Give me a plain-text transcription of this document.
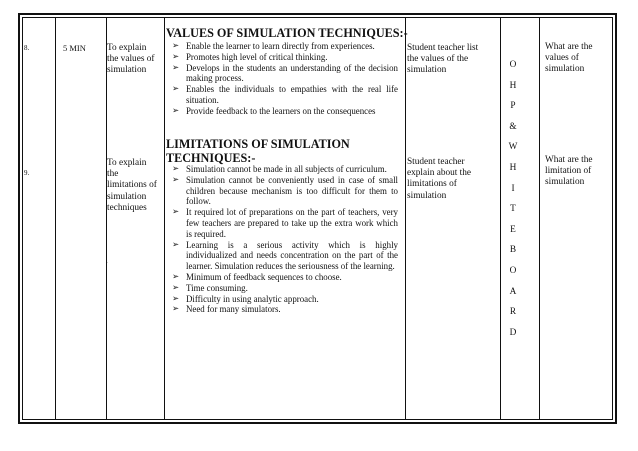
8.	5 MIN To explain
the values of
simulation
VALUES OF SIMULATION TECHNIQUES:-
➢ Enable the learner to learn directly from experiences.
➢ Promotes high level of critical thinking.
➢ Develops in the students an understanding of the decision making process.
➢ Enables the individuals to empathies with the real life situation.
➢ Provide feedback to the learners on the consequences
Student teacher list
the values of the
simulation
What are the
values of
simulation
9.
To explain
the
limitations of
simulation
techniques
.
LIMITATIONS OF SIMULATION
TECHNIQUES:-
➢ Simulation cannot be made in all subjects of curriculum.
➢ Simulation cannot be conveniently used in case of small children because mechanism is too difficult for them to follow.
➢ It required lot of preparations on the part of teachers, very few teachers are prepared to take up the extra work which is required.
➢ Learning is a serious activity which is highly individualized and needs concentration on the part of the learner. Simulation reduces the seriousness of the learning.
➢ Minimum of feedback sequences to choose.
➢ Time consuming.
➢ Difficulty in using analytic approach.
➢ Need for many simulators.
Student teacher
explain about the
limitations of
simulation
What are the
limitation of
simulation
O
H
P
&
W
H
I
T
E
B
O
A
R
D
